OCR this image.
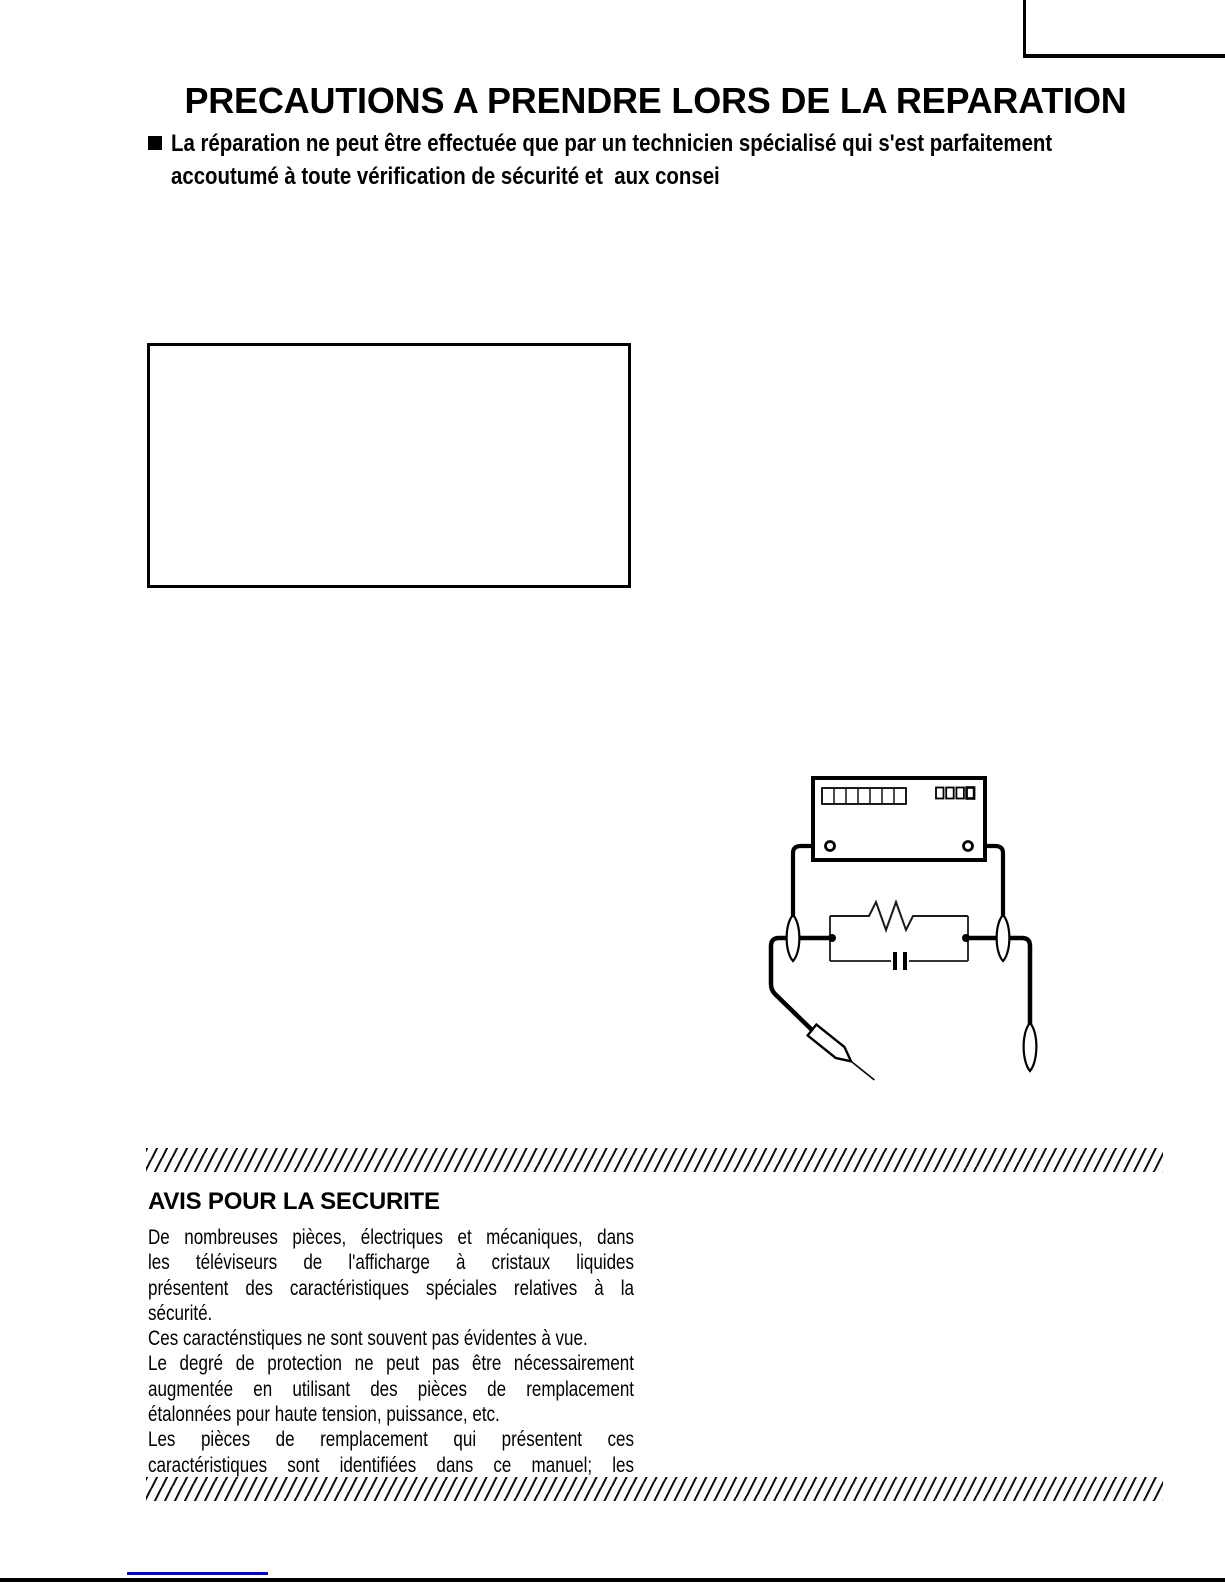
PRECAUTIONS A PRENDRE LORS DE LA REPARATION
La réparation ne peut être effectuée que par un technicien spécialisé qui s'est parfaitement
accoutumé à toute vérification de sécurité et  aux consei
AVIS POUR LA SECURITE
De nombreuses pièces, électriques et mécaniques, dans
les téléviseurs de l'afficharge à cristaux liquides
présentent des caractéristiques spéciales relatives à la
sécurité.
Ces caracténstiques ne sont souvent pas évidentes à vue.
Le degré de protection ne peut pas être nécessairement
augmentée en utilisant des pièces de remplacement
étalonnées pour haute tension, puissance, etc.
Les pièces de remplacement qui présentent ces
caractéristiques sont identifiées dans ce manuel; les
